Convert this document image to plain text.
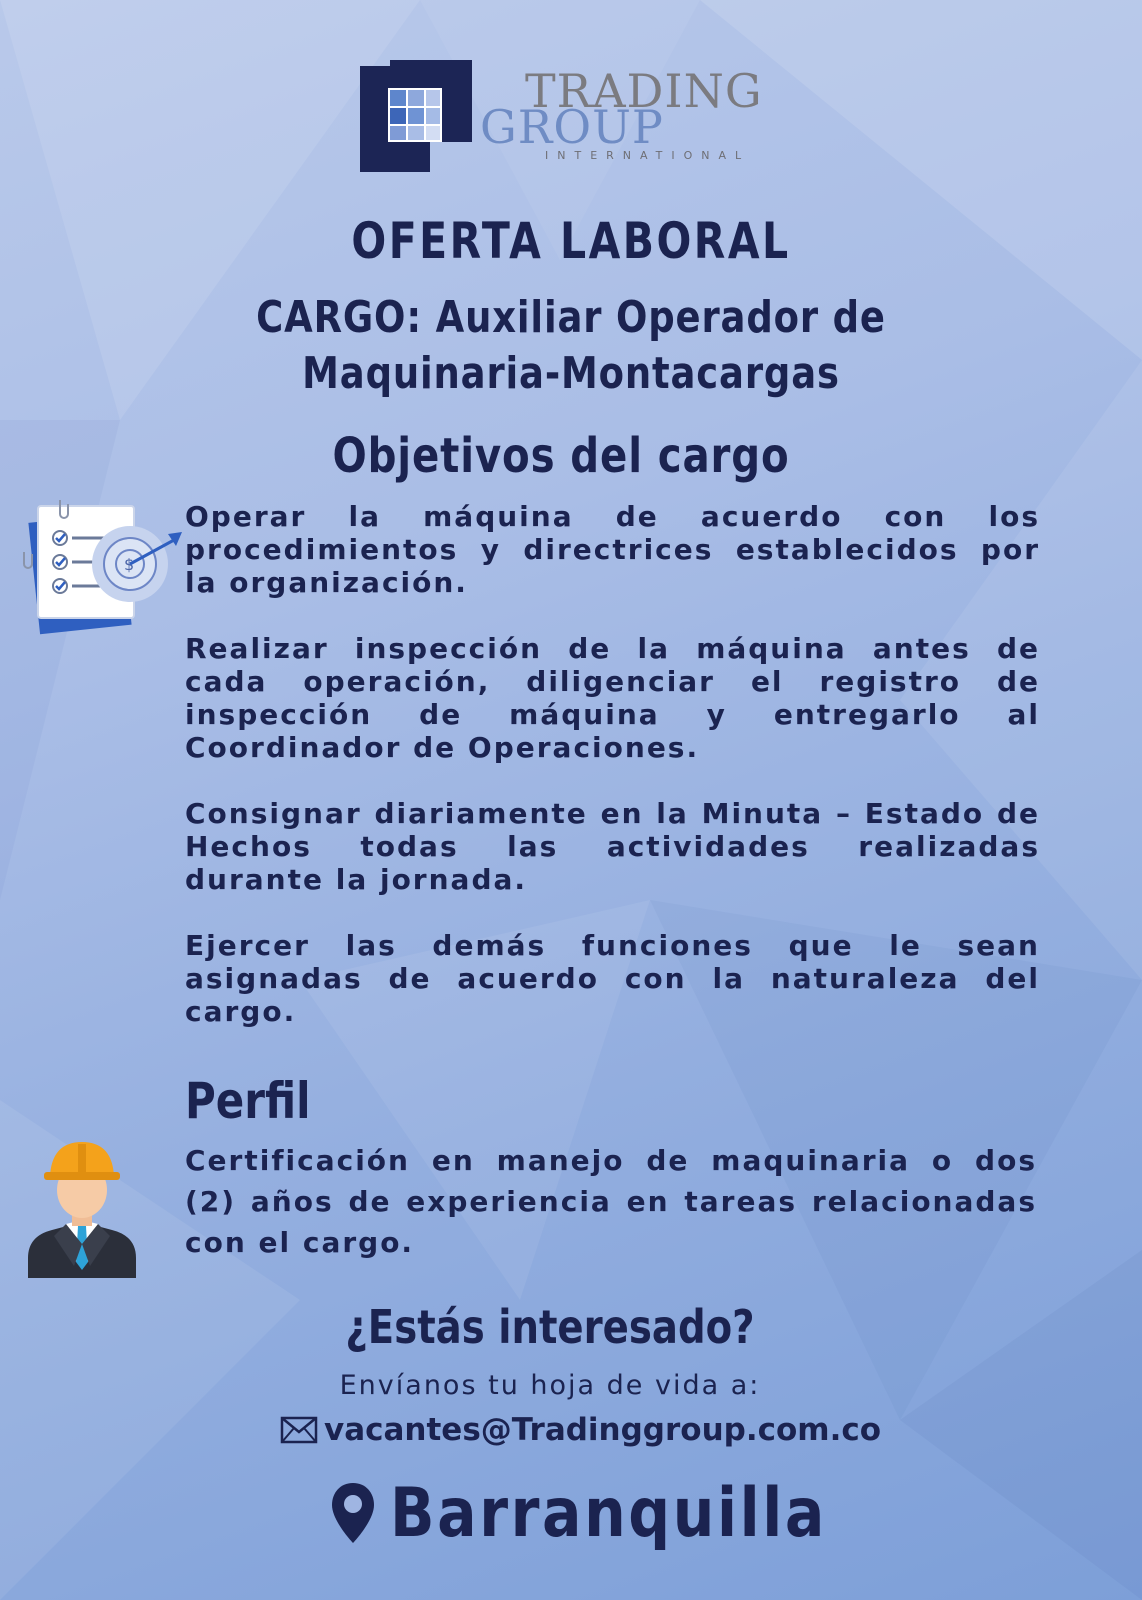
TRADING
GROUP
INTERNATIONAL
OFERTA LABORAL
CARGO: Auxiliar Operador de
Maquinaria-Montacargas
Objetivos del cargo
$

Operar la máquina de acuerdo con los procedimientos y directrices establecidos por la organización.

Realizar inspección de la máquina antes de cada operación, diligenciar el registro de inspección de máquina y entregarlo al Coordinador de Operaciones.

Consignar diariamente en la Minuta – Estado de Hechos todas las actividades realizadas durante la jornada.

Ejercer las demás funciones que le sean asignadas de acuerdo con la naturaleza del cargo.

Perfil

Certificación en manejo de maquinaria o dos (2) años de experiencia en tareas relacionadas con el cargo.

¿Estás interesado?
Envíanos tu hoja de vida a:
vacantes@Tradinggroup.com.co
Barranquilla
